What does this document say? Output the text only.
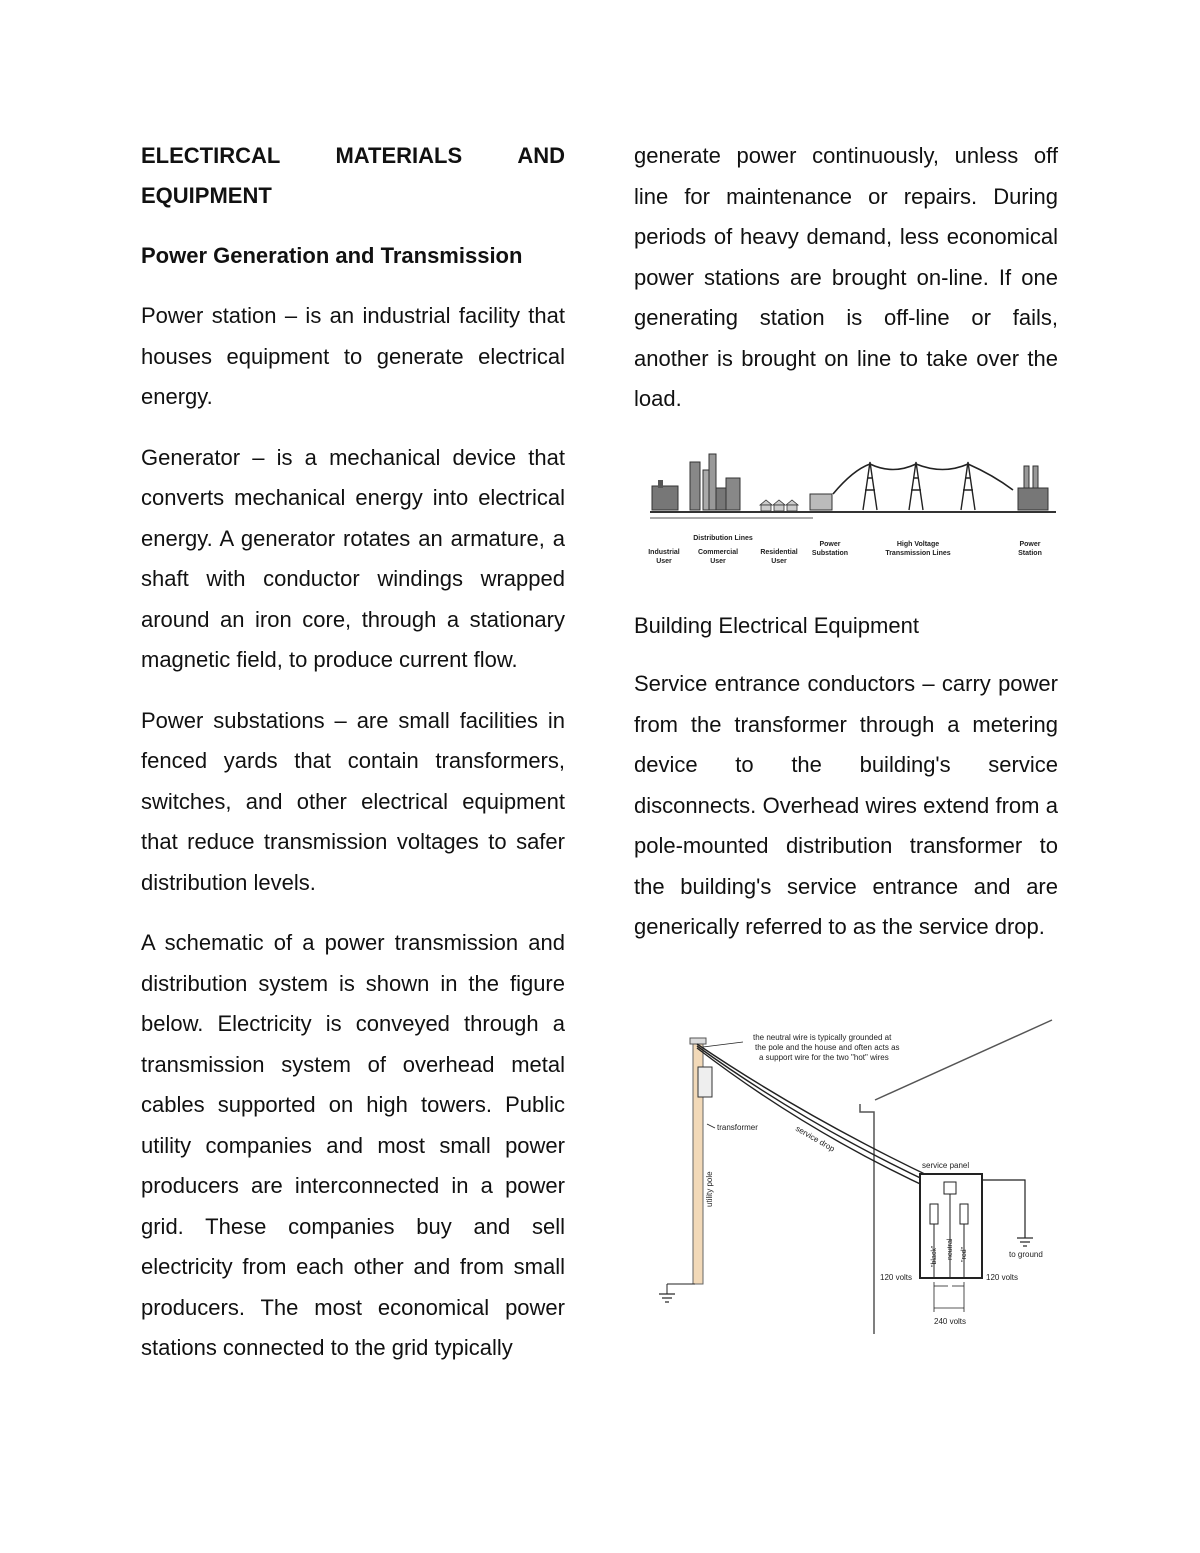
ELECTIRCAL	MATERIALS	AND
EQUIPMENT
Power Generation and Transmission

Power station – is an industrial facility that houses equipment to generate electrical energy.

Generator – is a mechanical device that converts mechanical energy into electrical energy. A generator rotates an armature, a shaft with conductor windings wrapped around an iron core, through a stationary magnetic field, to produce current flow.

Power substations – are small facilities in fenced yards that contain transformers, switches, and other electrical equipment that reduce transmission voltages to safer distribution levels.

A schematic of a power transmission and distribution system is shown in the figure below. Electricity is conveyed through a transmission system of overhead metal cables supported on high towers. Public utility companies and most small power producers are interconnected in a power grid. These companies buy and sell electricity from each other and from small producers. The most economical power stations connected to the grid typically

generate power continuously, unless off line for maintenance or repairs. During periods of heavy demand, less economical power stations are brought on-line. If one generating station is off-line or fails, another is brought on line to take over the load.

Distribution Lines
Industrial
User
Commercial
User
Residential
User
Power
Substation
High Voltage
Transmission Lines
Power
Station
Building Electrical Equipment

Service entrance conductors – carry power from the transformer through a metering device to the building's service disconnects. Overhead wires extend from a pole-mounted distribution transformer to the building's service entrance and are generically referred to as the service drop.

the neutral wire is typically grounded at
the pole and the house and often acts as
a support wire for the two "hot" wires
transformer	service drop
utility pole
service panel
to ground
"black" neutral "red"
120 volts	120 volts
240 volts
